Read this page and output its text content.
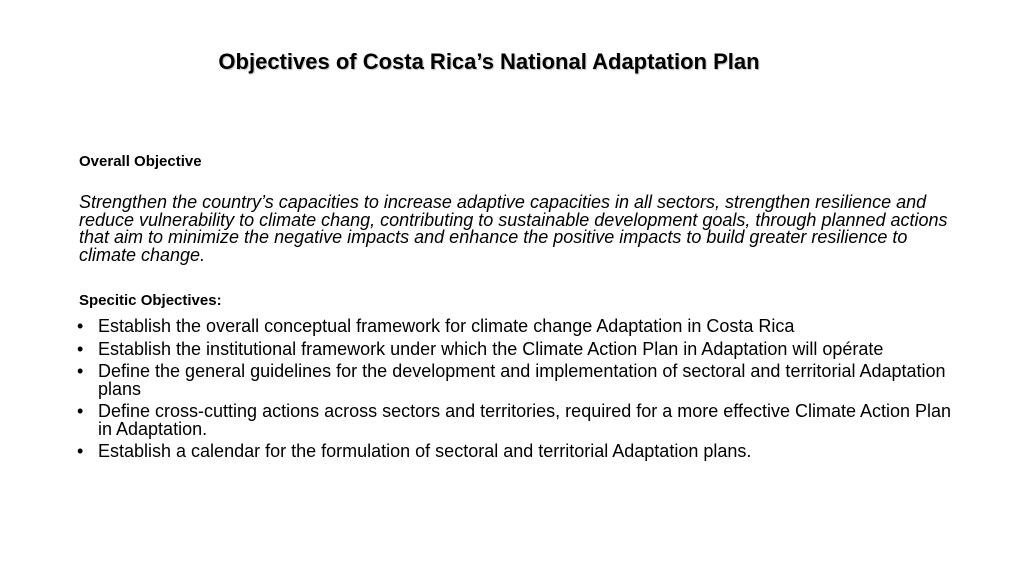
Objectives of Costa Rica’s National Adaptation Plan
Overall Objective
Strengthen the country’s capacities to increase adaptive capacities in all sectors, strengthen resilience and reduce vulnerability to climate chang, contributing to sustainable development goals, through planned actions that aim to minimize the negative impacts and enhance the positive impacts to build greater resilience to climate change.
Specitic Objectives:
• Establish the overall conceptual framework for climate change Adaptation in Costa Rica
• Establish the institutional framework under which the Climate Action Plan in Adaptation will opérate
• Define the general guidelines for the development and implementation of sectoral and territorial Adaptation plans
• Define cross-cutting actions across sectors and territories, required for a more effective Climate Action Plan in Adaptation.
• Establish a calendar for the formulation of sectoral and territorial Adaptation plans.
